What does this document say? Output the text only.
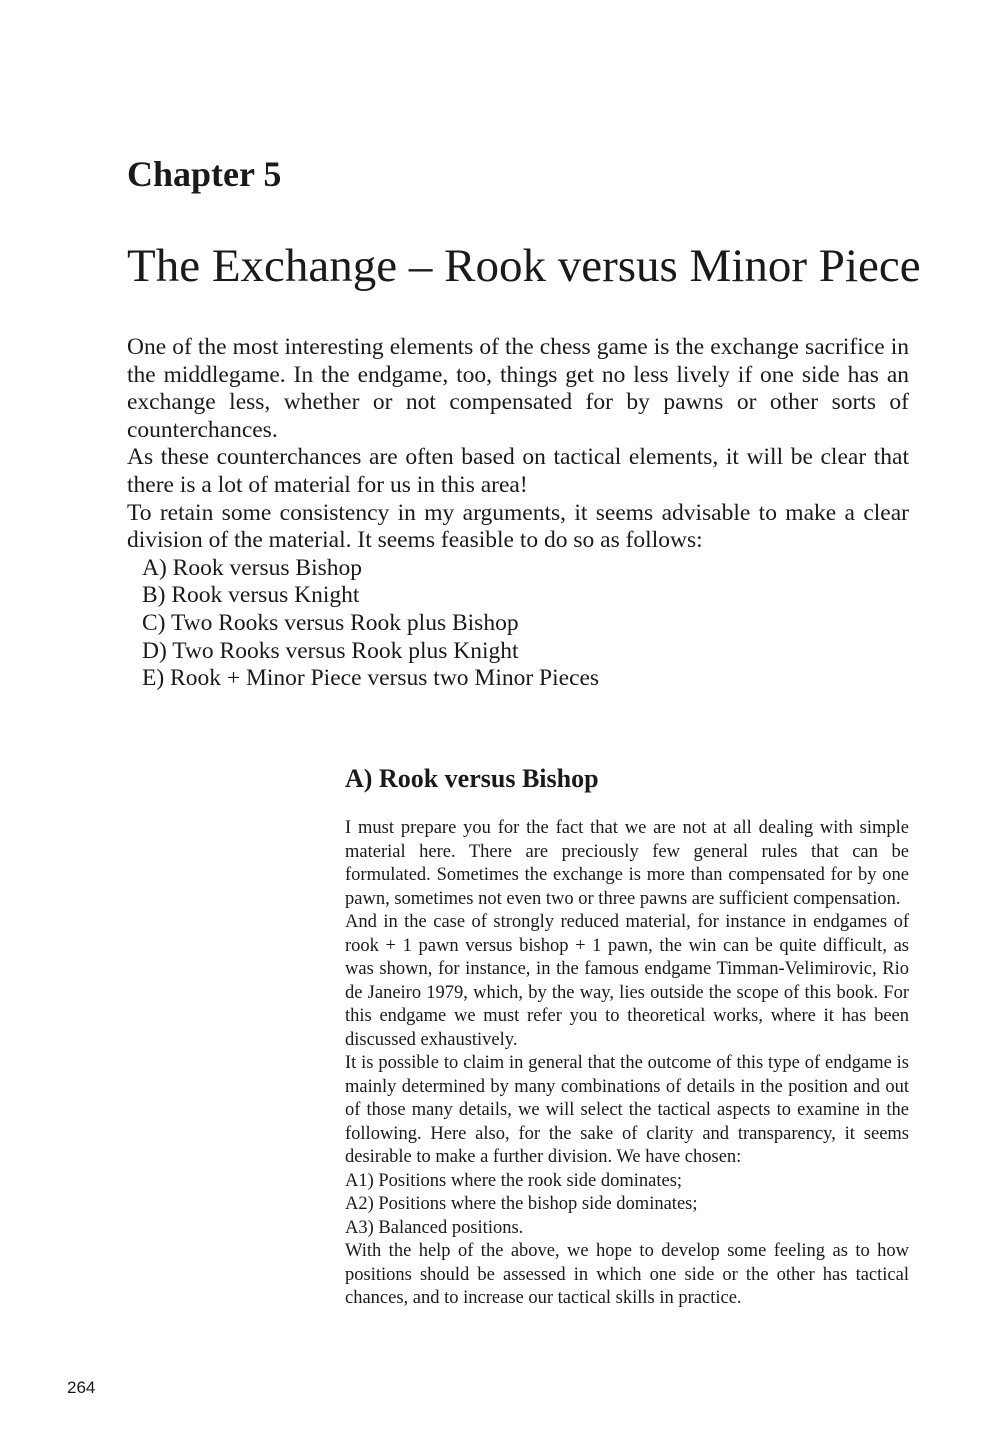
Chapter 5
The Exchange – Rook versus Minor Piece

One of the most interesting elements of the chess game is the exchange sacrifice in the middlegame. In the endgame, too, things get no less lively if one side has an exchange less, whether or not compensated for by pawns or other sorts of counterchances.

As these counterchances are often based on tactical elements, it will be clear that there is a lot of material for us in this area!

To retain some consistency in my arguments, it seems advisable to make a clear division of the material. It seems feasible to do so as follows:

A) Rook versus Bishop
B) Rook versus Knight
C) Two Rooks versus Rook plus Bishop
D) Two Rooks versus Rook plus Knight
E) Rook + Minor Piece versus two Minor Pieces
A) Rook versus Bishop

I must prepare you for the fact that we are not at all dealing with simple material here. There are preciously few general rules that can be formulated. Sometimes the exchange is more than compensated for by one pawn, sometimes not even two or three pawns are sufficient compensation.

And in the case of strongly reduced material, for instance in endgames of rook + 1 pawn versus bishop + 1 pawn, the win can be quite difficult, as was shown, for instance, in the famous endgame Timman-Velimirovic, Rio de Janeiro 1979, which, by the way, lies outside the scope of this book. For this endgame we must refer you to theoretical works, where it has been discussed exhaustively.

It is possible to claim in general that the outcome of this type of endgame is mainly determined by many combinations of details in the position and out of those many details, we will select the tactical aspects to examine in the following. Here also, for the sake of clarity and transparency, it seems desirable to make a further division. We have chosen:

A1) Positions where the rook side dominates;
A2) Positions where the bishop side dominates;
A3) Balanced positions.

With the help of the above, we hope to develop some feeling as to how positions should be assessed in which one side or the other has tactical chances, and to increase our tactical skills in practice.

264
